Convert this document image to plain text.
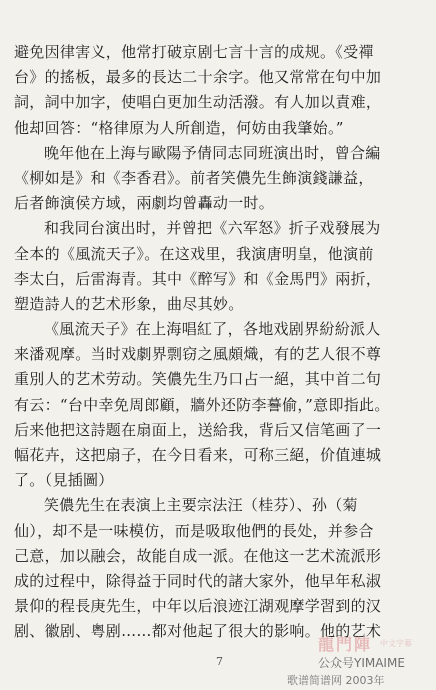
避免因律害义，他常打破京剧七言十言的成规。《受禪
台》的搖板，最多的長达二十余字。他又常常在句中加
詞，詞中加字，使唱白更加生动活潑。有人加以責难，
他却回答：“格律原为人所創造，何妨由我肇始。”
晚年他在上海与歐陽予倩同志同班演出时，曾合編
《柳如是》和《李香君》。前者笑儂先生飾演錢謙益，
后者飾演侯方域，兩劇均曾轟动一时。
和我同台演出时，并曾把《六军怒》折子戏發展为
全本的《風流天子》。在这戏里，我演唐明皇，他演前
李太白，后雷海青。其中《醉写》和《金馬門》兩折，
塑造詩人的艺术形象，曲尽其妙。
《風流天子》在上海唱紅了，各地戏剧界紛紛派人
来潘观摩。当时戏劇界剽窃之風頗熾，有的艺人很不尊
重別人的艺术劳动。笑儂先生乃口占一絕，其中首二句
有云：“台中幸免周郎顧，牆外还防李謩偷，”意即指此。
后来他把这詩题在扇面上，送給我，背后又信笔画了一
幅花卉，这把扇子，在今日看来，可称三絕，价值連城
了。（見插圖）
笑儂先生在表演上主要宗法汪（桂芬）、孙（菊
仙），却不是一味模仿，而是吸取他們的長处，并参合
己意，加以融会，故能自成一派。在他这一艺术流派形
成的过程中，除得益于同时代的諸大家外，他早年私淑
景仰的程長庚先生，中年以后浪迹江湖观摩学習到的汉
剧、徽剧、粤剧……都对他起了很大的影响。他的艺术
7
龍門陣 中文字幕
公众号YIMAIME
歌谱简谱网 2003年
